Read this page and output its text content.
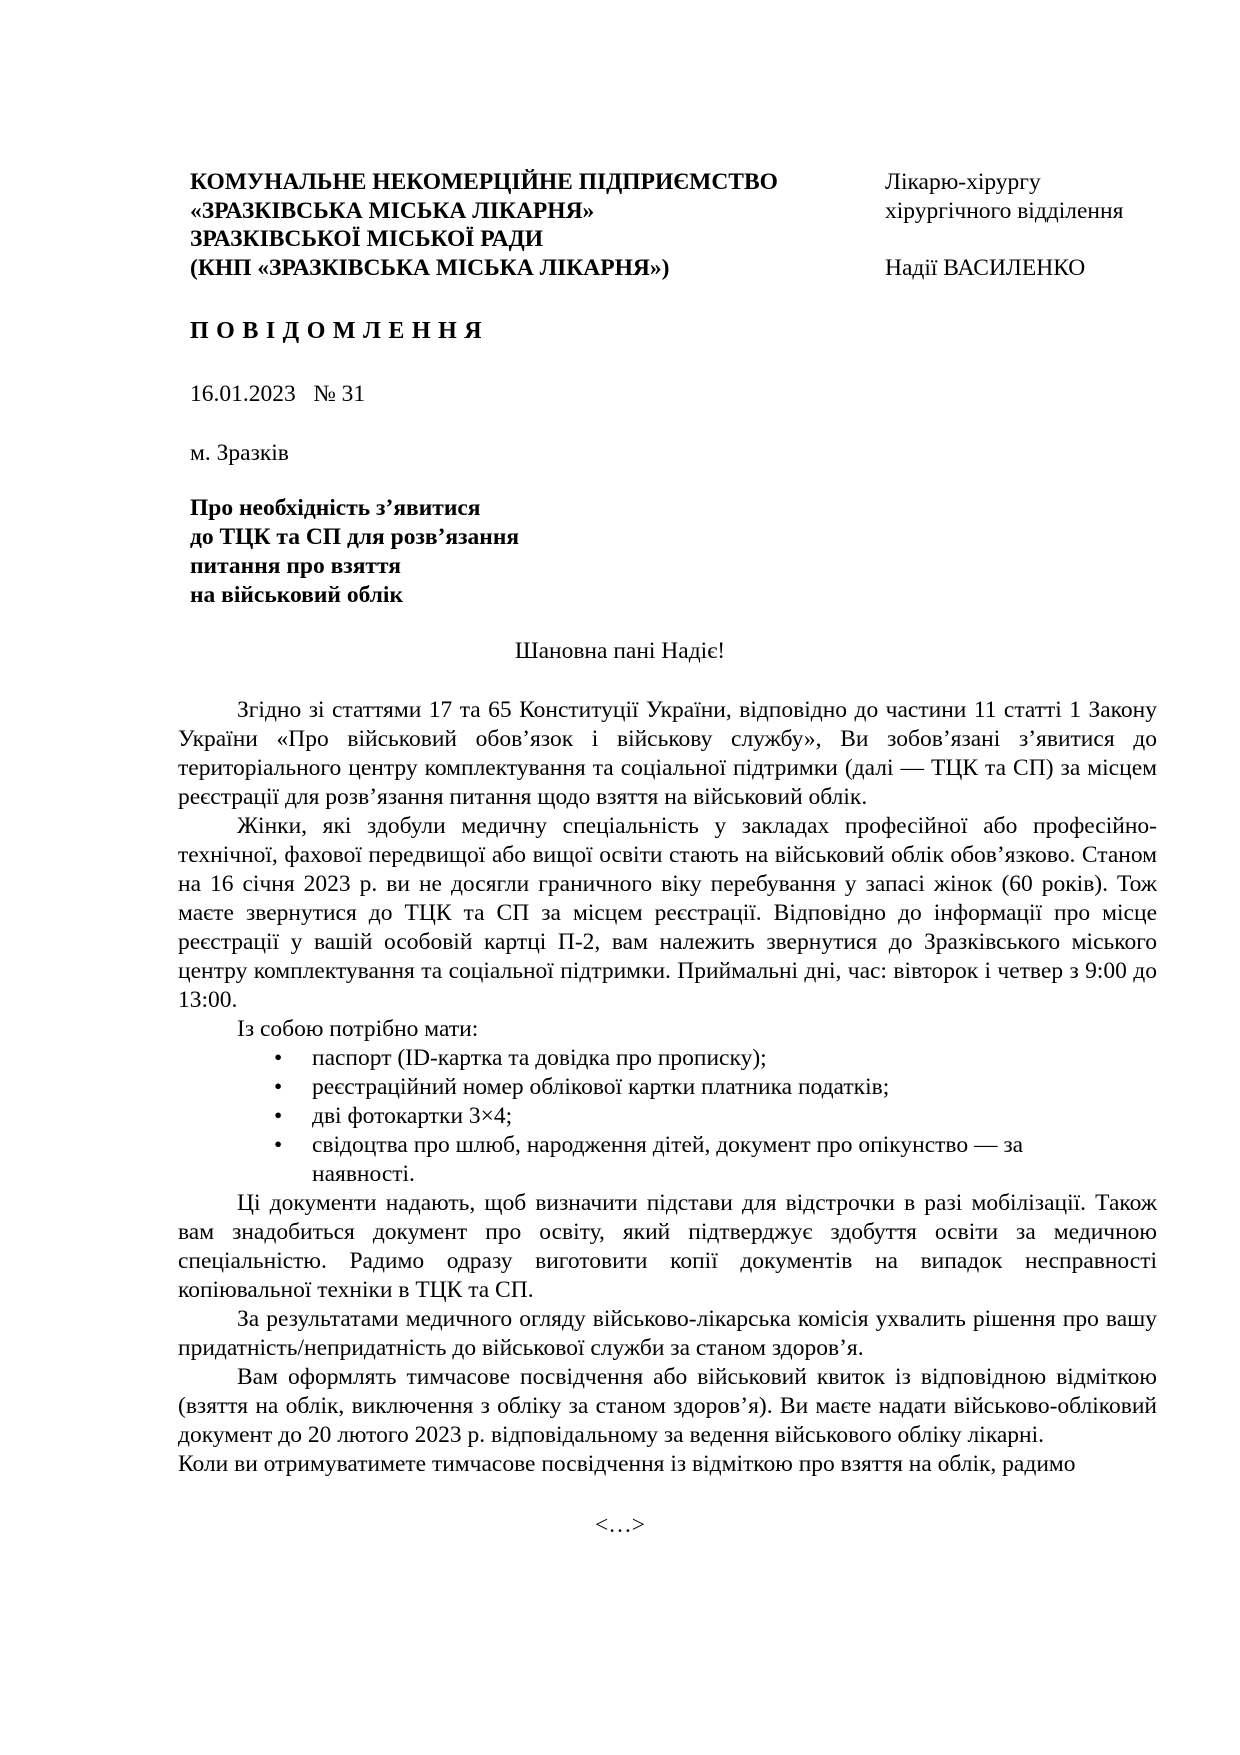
КОМУНАЛЬНЕ НЕКОМЕРЦІЙНЕ ПІДПРИЄМСТВО
«ЗРАЗКІВСЬКА МІСЬКА ЛІКАРНЯ»
ЗРАЗКІВСЬКОЇ МІСЬКОЇ РАДИ
(КНП «ЗРАЗКІВСЬКА МІСЬКА ЛІКАРНЯ»)
Лікарю-хірургу
хірургічного відділення

Надії ВАСИЛЕНКО
ПОВІДОМЛЕННЯ
16.01.2023   № 31
м. Зразків
Про необхідність з’явитися
до ТЦК та СП для розв’язання
питання про взяття
на військовий облік
Шановна пані Надіє!

Згідно зі статтями 17 та 65 Конституції України, відповідно до частини 11 статті 1 Закону України «Про військовий обов’язок і військову службу», Ви зобов’язані з’явитися до територіального центру комплектування та соціальної підтримки (далі — ТЦК та СП) за місцем реєстрації для розв’язання питання щодо взяття на військовий облік.

Жінки, які здобули медичну спеціальність у закладах професійної або професійно-технічної, фахової передвищої або вищої освіти стають на військовий облік обов’язково. Станом на 16 січня 2023 р. ви не досягли граничного віку перебування у запасі жінок (60 років). Тож маєте звернутися до ТЦК та СП за місцем реєстрації. Відповідно до інформації про місце реєстрації у вашій особовій картці П-2, вам належить звернутися до Зразківського міського центру комплектування та соціальної підтримки. Приймальні дні, час: вівторок і четвер з 9:00 до 13:00.

Із собою потрібно мати:

• паспорт (ID-картка та довідка про прописку);
• реєстраційний номер облікової картки платника податків;
• дві фотокартки 3×4;
• свідоцтва про шлюб, народження дітей, документ про опікунство — за наявності.

Ці документи надають, щоб визначити підстави для відстрочки в разі мобілізації. Також вам знадобиться документ про освіту, який підтверджує здобуття освіти за медичною спеціальністю. Радимо одразу виготовити копії документів на випадок несправності копіювальної техніки в ТЦК та СП.

За результатами медичного огляду військово-лікарська комісія ухвалить рішення про вашу придатність/непридатність до військової служби за станом здоров’я.

Вам оформлять тимчасове посвідчення або військовий квиток із відповідною відміткою (взяття на облік, виключення з обліку за станом здоров’я). Ви маєте надати військово-обліковий документ до 20 лютого 2023 р. відповідальному за ведення військового обліку лікарні.

Коли ви отримуватимете тимчасове посвідчення із відміткою про взяття на облік, радимо

<…>
